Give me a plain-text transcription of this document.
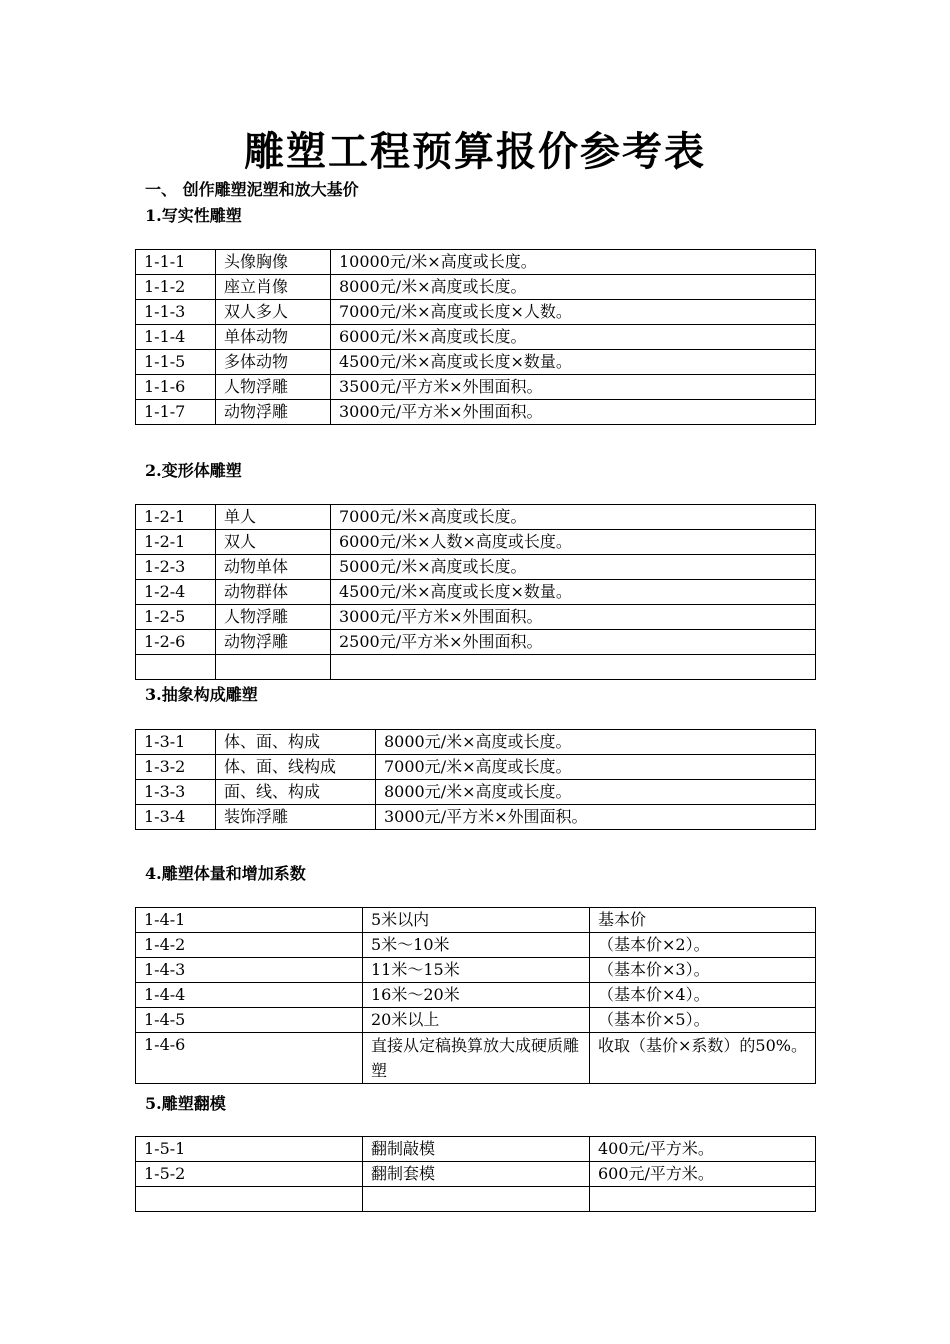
雕塑工程预算报价参考表
一、 创作雕塑泥塑和放大基价
1.写实性雕塑
1-1-1	头像胸像	10000元/米×高度或长度。
1-1-2	座立肖像	8000元/米×高度或长度。
1-1-3	双人多人	7000元/米×高度或长度×人数。
1-1-4	单体动物	6000元/米×高度或长度。
1-1-5	多体动物	4500元/米×高度或长度×数量。
1-1-6	人物浮雕	3500元/平方米×外围面积。
1-1-7	动物浮雕	3000元/平方米×外围面积。
2.变形体雕塑
1-2-1	单人	7000元/米×高度或长度。
1-2-1	双人	6000元/米×人数×高度或长度。
1-2-3	动物单体	5000元/米×高度或长度。
1-2-4	动物群体	4500元/米×高度或长度×数量。
1-2-5	人物浮雕	3000元/平方米×外围面积。
1-2-6	动物浮雕	2500元/平方米×外围面积。

3.抽象构成雕塑
1-3-1	体、面、构成	8000元/米×高度或长度。
1-3-2	体、面、线构成	7000元/米×高度或长度。
1-3-3	面、线、构成	8000元/米×高度或长度。
1-3-4	装饰浮雕	3000元/平方米×外围面积。
4.雕塑体量和增加系数
1-4-1	5米以内	基本价
1-4-2	5米～10米	（基本价×2）。
1-4-3	11米～15米	（基本价×3）。
1-4-4	16米～20米	（基本价×4）。
1-4-5	20米以上	（基本价×5）。
1-4-6	直接从定稿换算放大成硬质雕塑	收取（基价×系数）的50%。
5.雕塑翻模
1-5-1	翻制敲模	400元/平方米。
1-5-2	翻制套模	600元/平方米。
